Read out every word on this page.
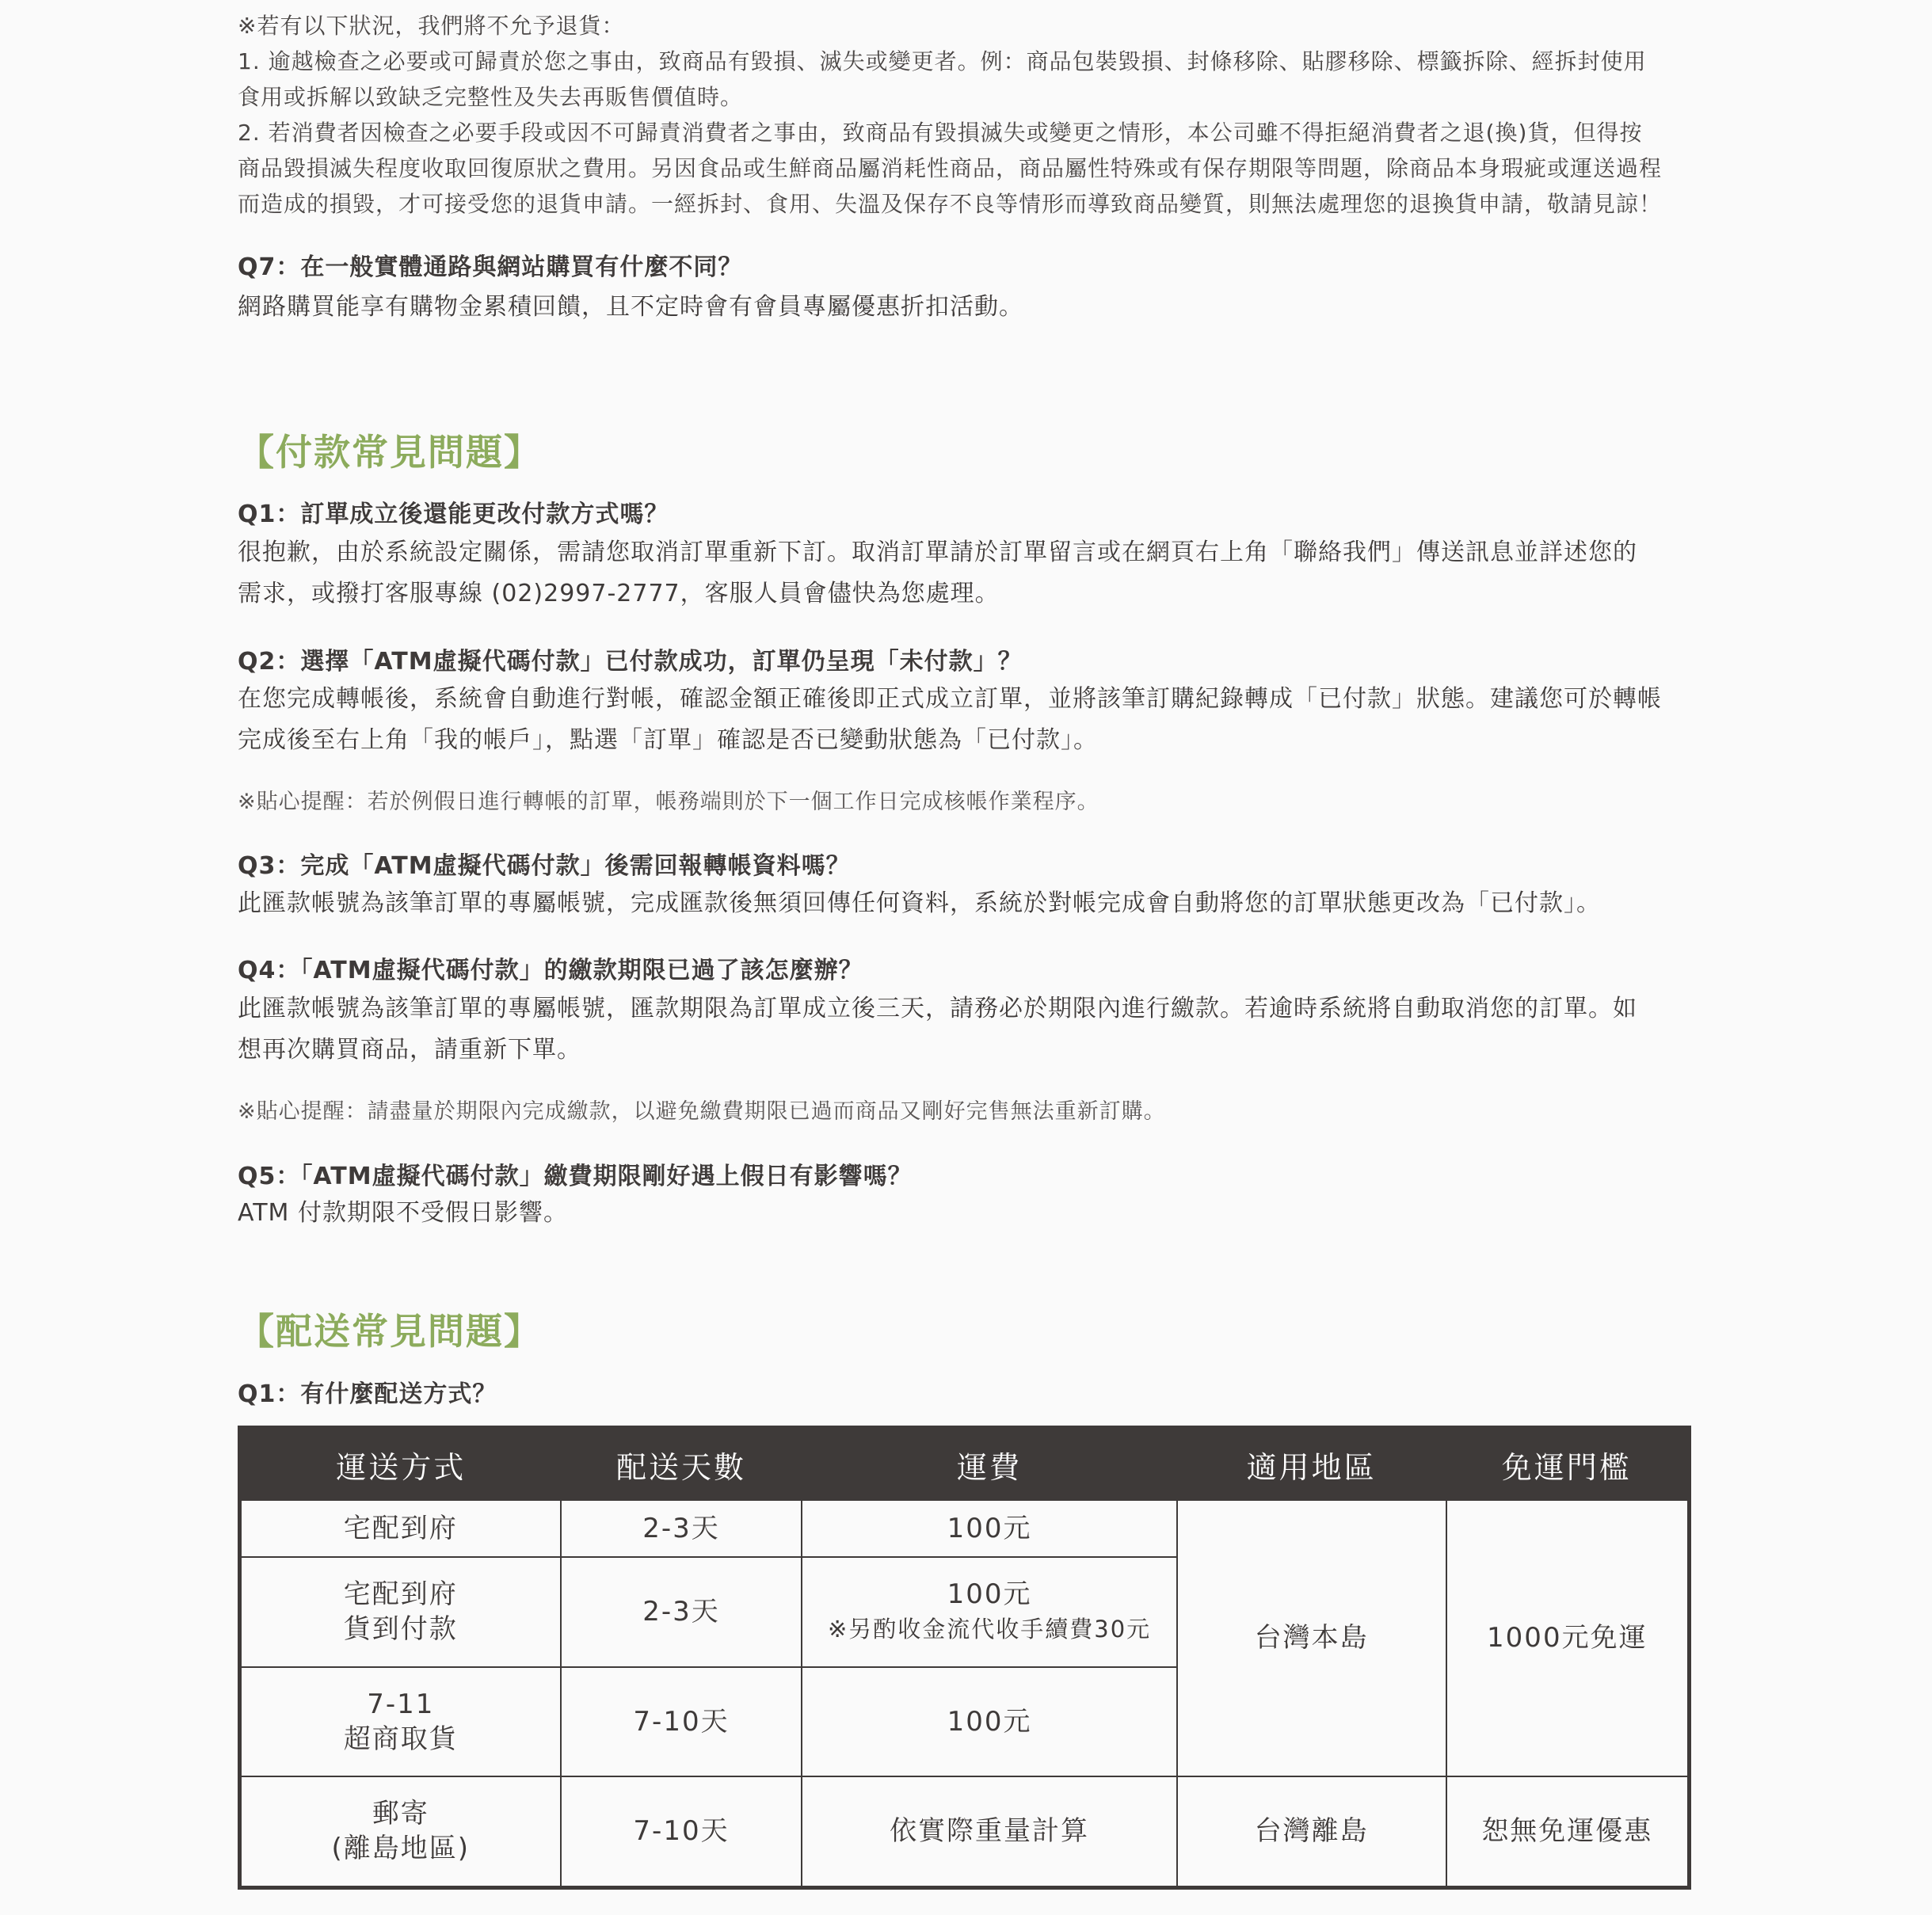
※若有以下狀況，我們將不允予退貨：

1. 逾越檢查之必要或可歸責於您之事由，致商品有毀損、滅失或變更者。例：商品包裝毀損、封條移除、貼膠移除、標籤拆除、經拆封使用

食用或拆解以致缺乏完整性及失去再販售價值時。

2. 若消費者因檢查之必要手段或因不可歸責消費者之事由，致商品有毀損滅失或變更之情形，本公司雖不得拒絕消費者之退(換)貨，但得按

商品毀損滅失程度收取回復原狀之費用。另因食品或生鮮商品屬消耗性商品，商品屬性特殊或有保存期限等問題，除商品本身瑕疵或運送過程

而造成的損毀，才可接受您的退貨申請。一經拆封、食用、失溫及保存不良等情形而導致商品變質，則無法處理您的退換貨申請，敬請見諒！

Q7：在一般實體通路與網站購買有什麼不同？

網路購買能享有購物金累積回饋，且不定時會有會員專屬優惠折扣活動。

【付款常見問題】

Q1：訂單成立後還能更改付款方式嗎？

很抱歉，由於系統設定關係，需請您取消訂單重新下訂。取消訂單請於訂單留言或在網頁右上角「聯絡我們」傳送訊息並詳述您的

需求，或撥打客服專線 (02)2997-2777，客服人員會儘快為您處理。

Q2：選擇「ATM虛擬代碼付款」已付款成功，訂單仍呈現「未付款」？

在您完成轉帳後，系統會自動進行對帳，確認金額正確後即正式成立訂單，並將該筆訂購紀錄轉成「已付款」狀態。建議您可於轉帳

完成後至右上角「我的帳戶」，點選「訂單」確認是否已變動狀態為「已付款」。

※貼心提醒：若於例假日進行轉帳的訂單，帳務端則於下一個工作日完成核帳作業程序。

Q3：完成「ATM虛擬代碼付款」後需回報轉帳資料嗎？

此匯款帳號為該筆訂單的專屬帳號，完成匯款後無須回傳任何資料，系統於對帳完成會自動將您的訂單狀態更改為「已付款」。

Q4：「ATM虛擬代碼付款」的繳款期限已過了該怎麼辦？

此匯款帳號為該筆訂單的專屬帳號，匯款期限為訂單成立後三天，請務必於期限內進行繳款。若逾時系統將自動取消您的訂單。如

想再次購買商品，請重新下單。

※貼心提醒：請盡量於期限內完成繳款，以避免繳費期限已過而商品又剛好完售無法重新訂購。

Q5：「ATM虛擬代碼付款」繳費期限剛好遇上假日有影響嗎？

ATM 付款期限不受假日影響。

【配送常見問題】

Q1：有什麼配送方式？

運送方式	配送天數	運費	適用地區	免運門檻

宅配到府	2-3天	100元	台灣本島	1000元免運

宅配到府
貨到付款	2-3天	100元
※另酌收金流代收手續費30元		

7-11
超商取貨	7-10天	100元		

郵寄
(離島地區)	7-10天	依實際重量計算	台灣離島	恕無免運優惠
